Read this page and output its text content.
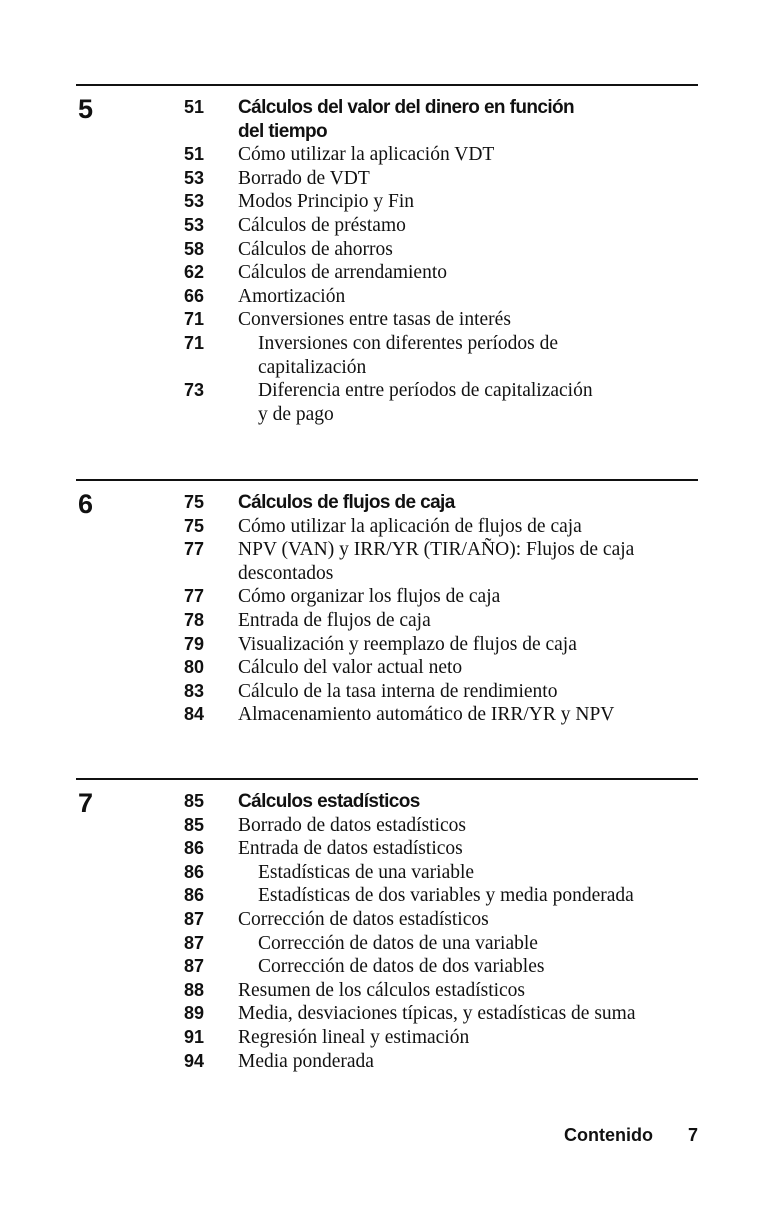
5	51 Cálculos del valor del dinero en función
del tiempo
51 Cómo utilizar la aplicación VDT
53 Borrado de VDT
53 Modos Principio y Fin
53 Cálculos de préstamo
58 Cálculos de ahorros
62 Cálculos de arrendamiento
66 Amortización
71 Conversiones entre tasas de interés
71	Inversiones con diferentes períodos de
capitalización
73	Diferencia entre períodos de capitalización
y de pago
6	75 Cálculos de flujos de caja
75 Cómo utilizar la aplicación de flujos de caja
77 NPV (VAN) y IRR/YR (TIR/AÑO): Flujos de caja
descontados
77 Cómo organizar los flujos de caja
78 Entrada de flujos de caja
79 Visualización y reemplazo de flujos de caja
80 Cálculo del valor actual neto
83 Cálculo de la tasa interna de rendimiento
84 Almacenamiento automático de IRR/YR y NPV
7	85 Cálculos estadísticos
85 Borrado de datos estadísticos
86 Entrada de datos estadísticos
86	Estadísticas de una variable
86	Estadísticas de dos variables y media ponderada
87 Corrección de datos estadísticos
87	Corrección de datos de una variable
87	Corrección de datos de dos variables
88 Resumen de los cálculos estadísticos
89 Media, desviaciones típicas, y estadísticas de suma
91 Regresión lineal y estimación
94 Media ponderada
Contenido 7
